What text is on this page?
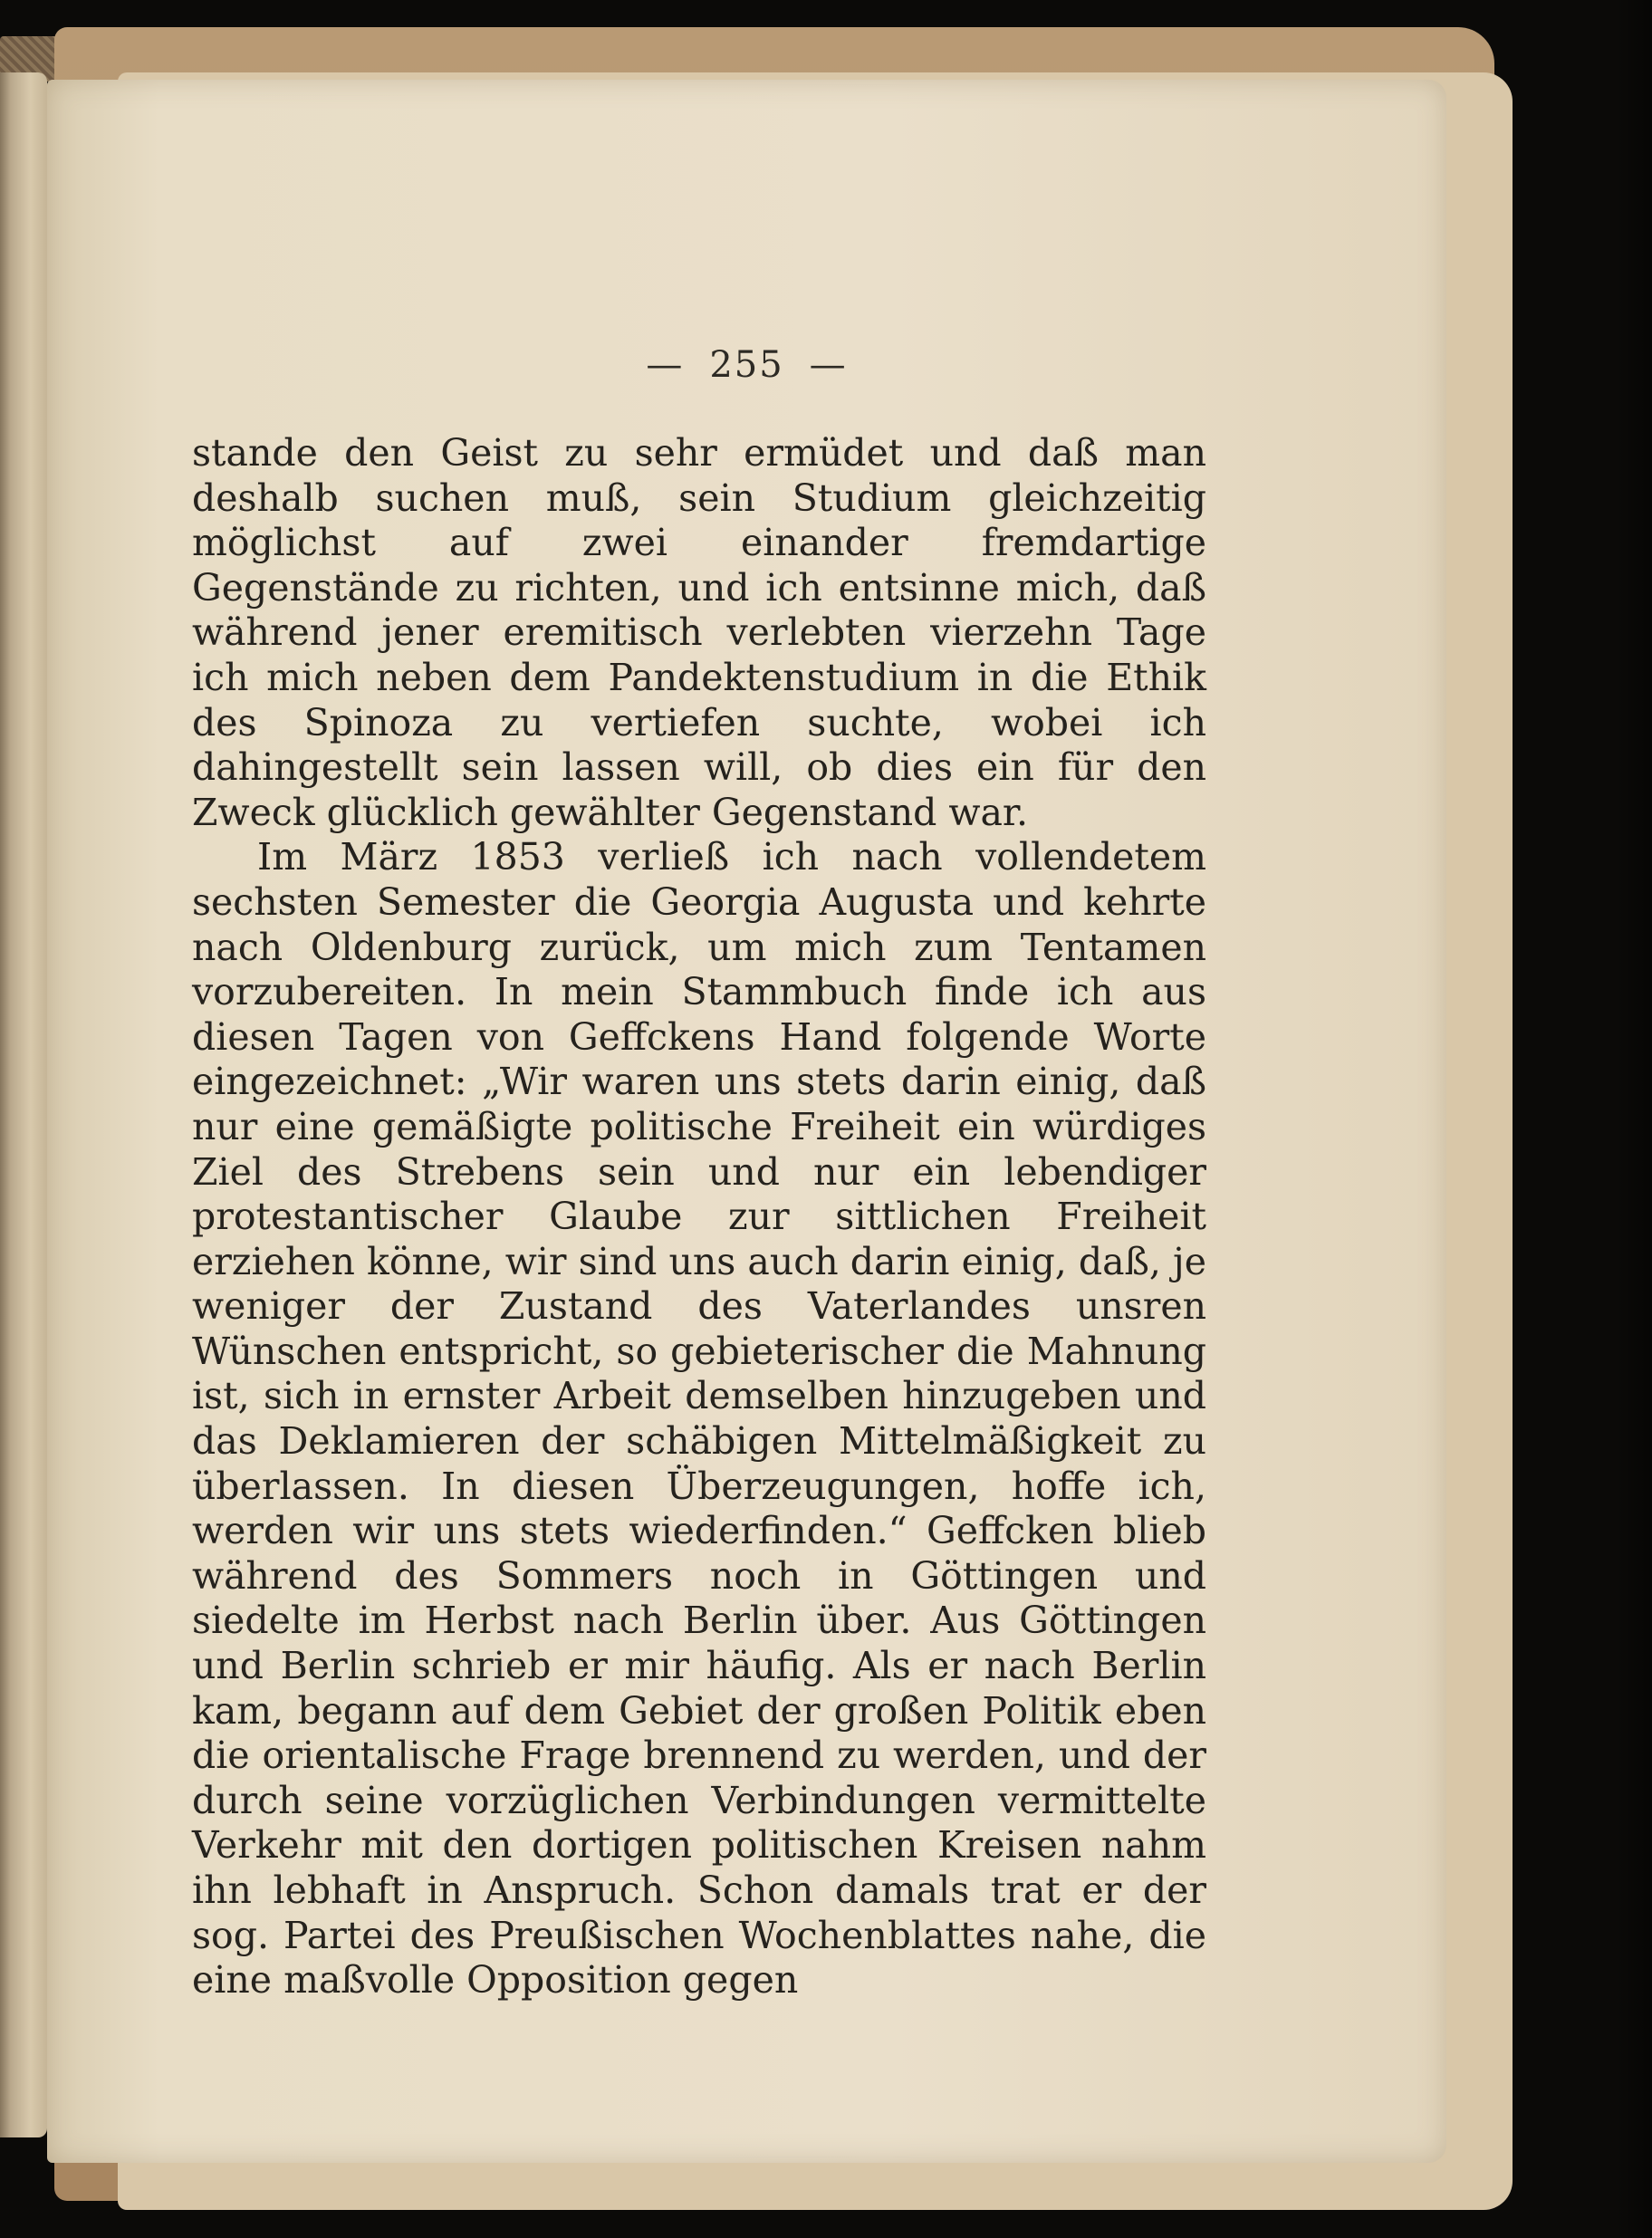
— 255 —

stande den Geist zu sehr ermüdet und daß man deshalb suchen muß, sein Studium gleichzeitig möglichst auf zwei einander fremdartige Gegenstände zu richten, und ich entsinne mich, daß während jener eremitisch verlebten vierzehn Tage ich mich neben dem Pandektenstudium in die Ethik des Spinoza zu vertiefen suchte, wobei ich dahingestellt sein lassen will, ob dies ein für den Zweck glücklich gewählter Gegenstand war.

Im März 1853 verließ ich nach vollendetem sechsten Semester die Georgia Augusta und kehrte nach Oldenburg zurück, um mich zum Tentamen vorzubereiten. In mein Stammbuch finde ich aus diesen Tagen von Geffckens Hand folgende Worte eingezeichnet: „Wir waren uns stets darin einig, daß nur eine gemäßigte politische Freiheit ein würdiges Ziel des Strebens sein und nur ein lebendiger protestantischer Glaube zur sittlichen Freiheit erziehen könne, wir sind uns auch darin einig, daß, je weniger der Zustand des Vaterlandes unsren Wünschen entspricht, so gebieterischer die Mahnung ist, sich in ernster Arbeit demselben hinzugeben und das Deklamieren der schäbigen Mittelmäßigkeit zu überlassen. In diesen Überzeugungen, hoffe ich, werden wir uns stets wiederfinden.“ Geffcken blieb während des Sommers noch in Göttingen und siedelte im Herbst nach Berlin über. Aus Göttingen und Berlin schrieb er mir häufig. Als er nach Berlin kam, begann auf dem Gebiet der großen Politik eben die orientalische Frage brennend zu werden, und der durch seine vorzüglichen Verbindungen vermittelte Verkehr mit den dortigen politischen Kreisen nahm ihn lebhaft in Anspruch. Schon damals trat er der sog. Partei des Preußischen Wochenblattes nahe, die eine maßvolle Opposition gegen
